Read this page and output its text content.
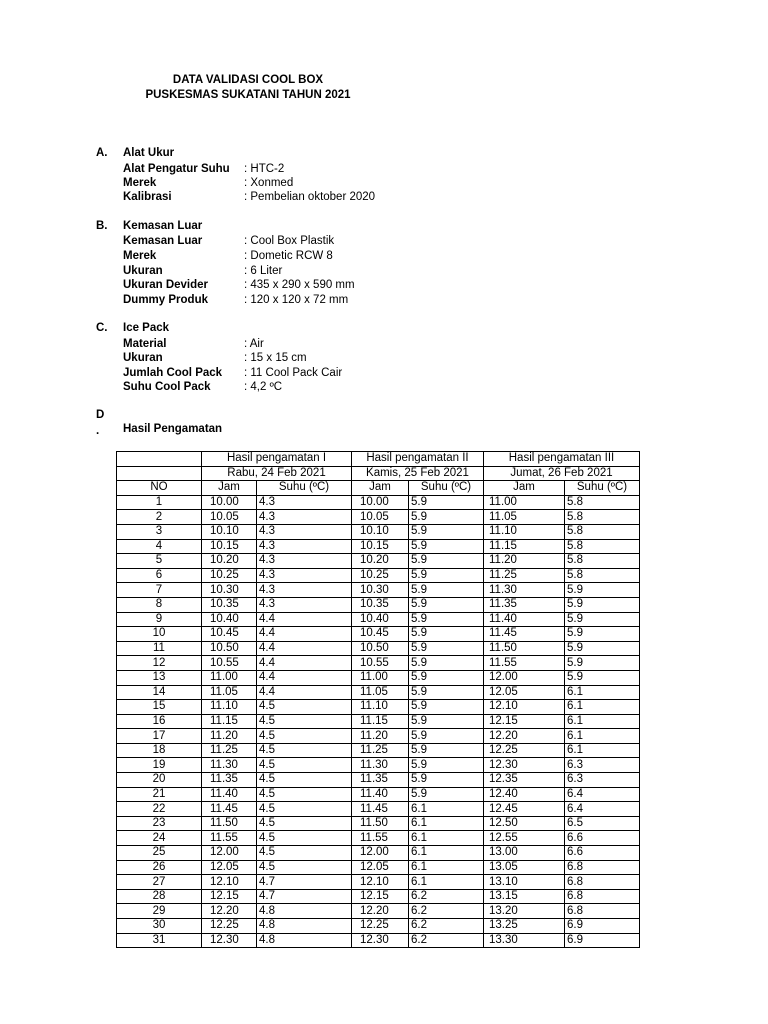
DATA VALIDASI COOL BOX
PUSKESMAS SUKATANI TAHUN 2021
A. Alat Ukur
Alat Pengatur Suhu	: HTC-2
Merek	: Xonmed
Kalibrasi	: Pembelian oktober 2020
B. Kemasan Luar
Kemasan Luar	: Cool Box Plastik
Merek	: Dometic RCW 8
Ukuran	: 6 Liter
Ukuran Devider	: 435 x 290 x 590 mm
Dummy Produk	: 120 x 120 x 72 mm
C. Ice Pack
Material	: Air
Ukuran	: 15 x 15 cm
Jumlah Cool Pack	: 11 Cool Pack Cair
Suhu Cool Pack	: 4,2 ºC
D
. Hasil Pengamatan
	Hasil pengamatan I		Hasil pengamatan II		Hasil pengamatan III	
	Rabu, 24 Feb 2021		Kamis, 25 Feb 2021		Jumat, 26 Feb 2021	
NO	Jam	Suhu (ºC)	Jam	Suhu (ºC)	Jam	Suhu (ºC)
1	10.00	4.3	10.00	5.9	11.00	5.8
2	10.05	4.3	10.05	5.9	11.05	5.8
3	10.10	4.3	10.10	5.9	11.10	5.8
4	10.15	4.3	10.15	5.9	11.15	5.8
5	10.20	4.3	10.20	5.9	11.20	5.8
6	10.25	4.3	10.25	5.9	11.25	5.8
7	10.30	4.3	10.30	5.9	11.30	5.9
8	10.35	4.3	10.35	5.9	11.35	5.9
9	10.40	4.4	10.40	5.9	11.40	5.9
10	10.45	4.4	10.45	5.9	11.45	5.9
11	10.50	4.4	10.50	5.9	11.50	5.9
12	10.55	4.4	10.55	5.9	11.55	5.9
13	11.00	4.4	11.00	5.9	12.00	5.9
14	11.05	4.4	11.05	5.9	12.05	6.1
15	11.10	4.5	11.10	5.9	12.10	6.1
16	11.15	4.5	11.15	5.9	12.15	6.1
17	11.20	4.5	11.20	5.9	12.20	6.1
18	11.25	4.5	11.25	5.9	12.25	6.1
19	11.30	4.5	11.30	5.9	12.30	6.3
20	11.35	4.5	11.35	5.9	12.35	6.3
21	11.40	4.5	11.40	5.9	12.40	6.4
22	11.45	4.5	11.45	6.1	12.45	6.4
23	11.50	4.5	11.50	6.1	12.50	6.5
24	11.55	4.5	11.55	6.1	12.55	6.6
25	12.00	4.5	12.00	6.1	13.00	6.6
26	12.05	4.5	12.05	6.1	13.05	6.8
27	12.10	4.7	12.10	6.1	13.10	6.8
28	12.15	4.7	12.15	6.2	13.15	6.8
29	12.20	4.8	12.20	6.2	13.20	6.8
30	12.25	4.8	12.25	6.2	13.25	6.9
31	12.30	4.8	12.30	6.2	13.30	6.9
